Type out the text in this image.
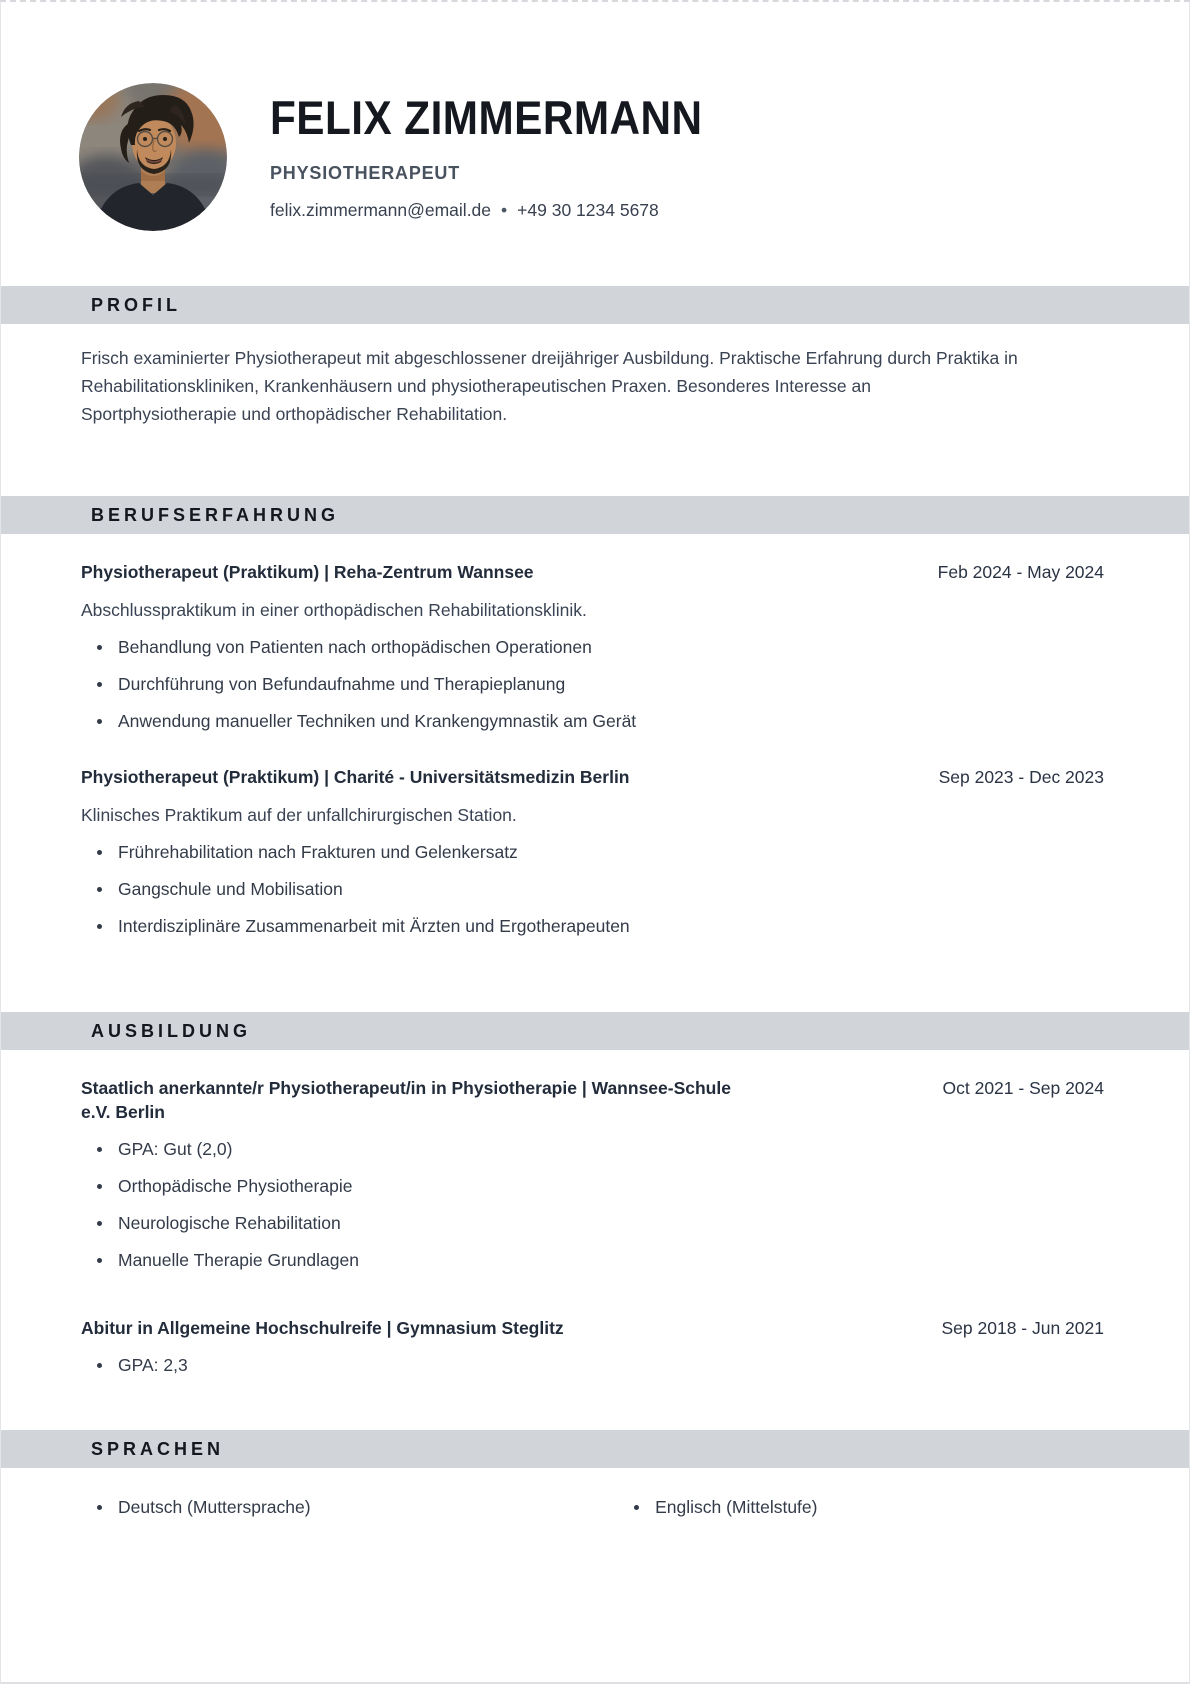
FELIX ZIMMERMANN
PHYSIOTHERAPEUT
felix.zimmermann@email.de • +49 30 1234 5678
PROFIL

Frisch examinierter Physiotherapeut mit abgeschlossener dreijähriger Ausbildung. Praktische Erfahrung durch Praktika in Rehabilitationskliniken, Krankenhäusern und physiotherapeutischen Praxen. Besonderes Interesse an Sportphysiotherapie und orthopädischer Rehabilitation.

BERUFSERFAHRUNG
Physiotherapeut (Praktikum) | Reha-Zentrum Wannsee	Feb 2024 - May 2024

Abschlusspraktikum in einer orthopädischen Rehabilitationsklinik.

Behandlung von Patienten nach orthopädischen Operationen
Durchführung von Befundaufnahme und Therapieplanung
Anwendung manueller Techniken und Krankengymnastik am Gerät
Physiotherapeut (Praktikum) | Charité - Universitätsmedizin Berlin	Sep 2023 - Dec 2023

Klinisches Praktikum auf der unfallchirurgischen Station.

Frührehabilitation nach Frakturen und Gelenkersatz
Gangschule und Mobilisation
Interdisziplinäre Zusammenarbeit mit Ärzten und Ergotherapeuten
AUSBILDUNG
Staatlich anerkannte/r Physiotherapeut/in in Physiotherapie | Wannsee-Schule e.V. Berlin
Oct 2021 - Sep 2024
GPA: Gut (2,0)
Orthopädische Physiotherapie
Neurologische Rehabilitation
Manuelle Therapie Grundlagen
Abitur in Allgemeine Hochschulreife | Gymnasium Steglitz	Sep 2018 - Jun 2021
GPA: 2,3
SPRACHEN
Deutsch (Muttersprache)	Englisch (Mittelstufe)
